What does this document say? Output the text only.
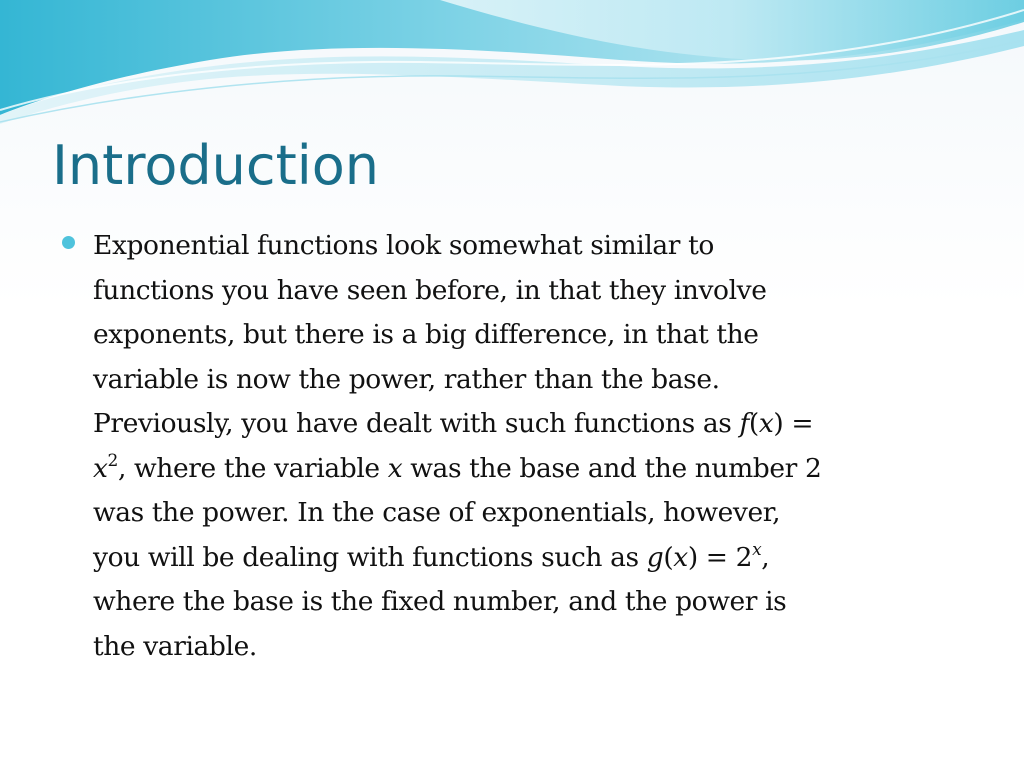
Introduction
Exponential functions look somewhat similar to
functions you have seen before, in that they involve
exponents, but there is a big difference, in that the
variable is now the power, rather than the base.
Previously, you have dealt with such functions as f(x) =
$x^2$, where the variable x was the base and the number 2
was the power. In the case of exponentials, however,
you will be dealing with functions such as $g(x) = 2^x$,
where the base is the fixed number, and the power is
the variable.
